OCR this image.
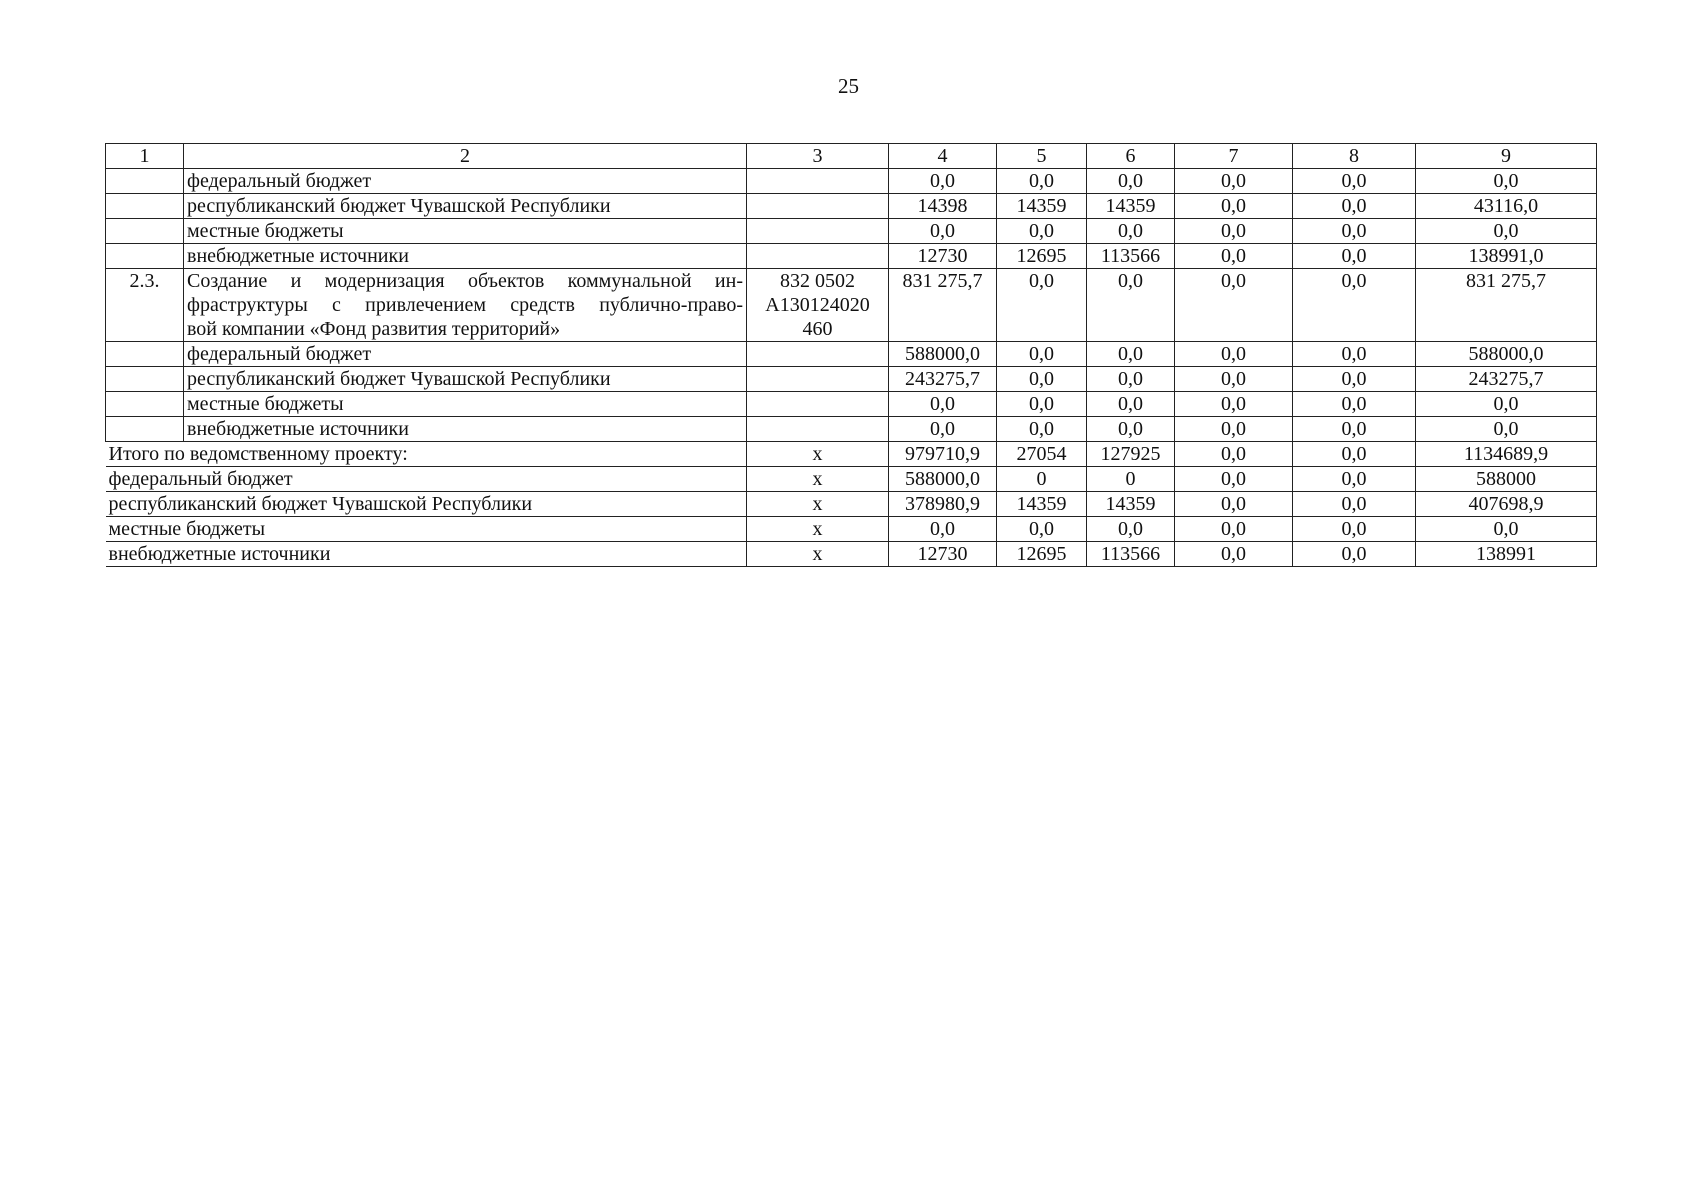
25
1	2	3	4	5	6	7	8	9
	федеральный бюджет		0,0	0,0	0,0	0,0	0,0	0,0
	республиканский бюджет Чувашской Республики		14398	14359	14359	0,0	0,0	43116,0
	местные бюджеты		0,0	0,0	0,0	0,0	0,0	0,0
	внебюджетные источники		12730	12695	113566	0,0	0,0	138991,0
2.3.	Создание и модернизация объектов коммунальной ин-
фраструктуры с привлечением средств публично-право-
вой компании «Фонд развития территорий»	832 0502
А130124020
460	831 275,7	0,0	0,0	0,0	0,0	831 275,7
	федеральный бюджет		588000,0	0,0	0,0	0,0	0,0	588000,0
	республиканский бюджет Чувашской Республики		243275,7	0,0	0,0	0,0	0,0	243275,7
	местные бюджеты		0,0	0,0	0,0	0,0	0,0	0,0
	внебюджетные источники		0,0	0,0	0,0	0,0	0,0	0,0
Итого по ведомственному проекту:		х	979710,9	27054	127925	0,0	0,0	1134689,9
федеральный бюджет		х	588000,0	0	0	0,0	0,0	588000
республиканский бюджет Чувашской Республики		х	378980,9	14359	14359	0,0	0,0	407698,9
местные бюджеты		х	0,0	0,0	0,0	0,0	0,0	0,0
внебюджетные источники		х	12730	12695	113566	0,0	0,0	138991
